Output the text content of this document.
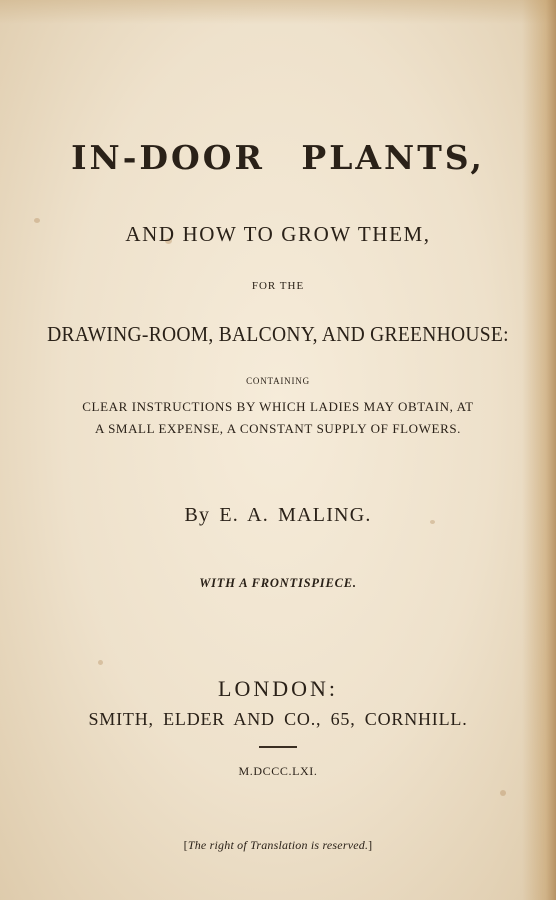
IN-DOOR PLANTS,
AND HOW TO GROW THEM,
FOR THE
DRAWING-ROOM, BALCONY, AND GREENHOUSE:
CONTAINING
CLEAR INSTRUCTIONS BY WHICH LADIES MAY OBTAIN, AT
A SMALL EXPENSE, A CONSTANT SUPPLY OF FLOWERS.
By E. A. MALING.
WITH A FRONTISPIECE.
LONDON:
SMITH, ELDER AND CO., 65, CORNHILL.
M.DCCC.LXI.
[The right of Translation is reserved.]
